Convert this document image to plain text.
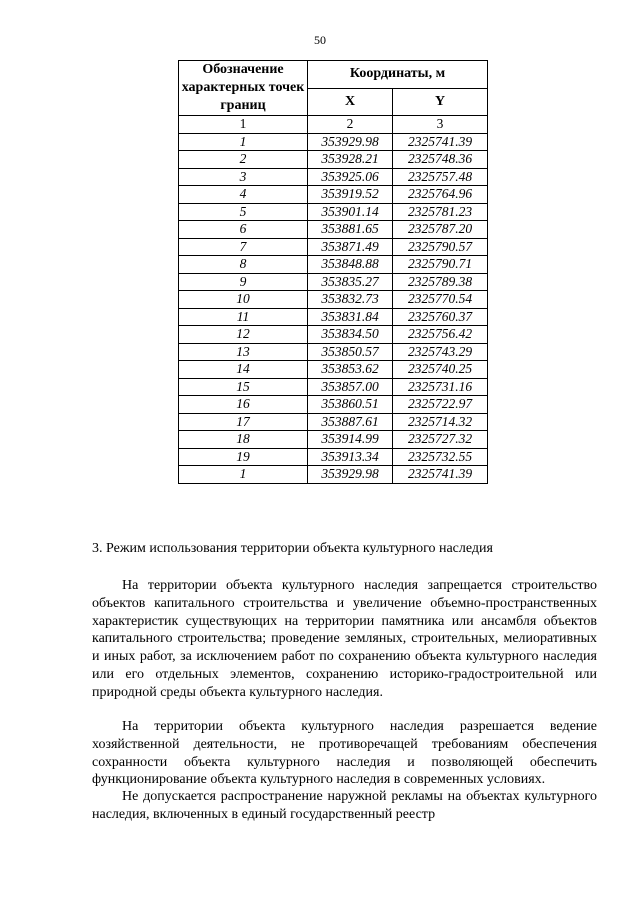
50
Обозначение характерных точек границ	Координаты, м	
	X	Y
1	2	3
1	353929.98	2325741.39
2	353928.21	2325748.36
3	353925.06	2325757.48
4	353919.52	2325764.96
5	353901.14	2325781.23
6	353881.65	2325787.20
7	353871.49	2325790.57
8	353848.88	2325790.71
9	353835.27	2325789.38
10	353832.73	2325770.54
11	353831.84	2325760.37
12	353834.50	2325756.42
13	353850.57	2325743.29
14	353853.62	2325740.25
15	353857.00	2325731.16
16	353860.51	2325722.97
17	353887.61	2325714.32
18	353914.99	2325727.32
19	353913.34	2325732.55
1	353929.98	2325741.39
3. Режим использования территории объекта культурного наследия
На территории объекта культурного наследия запрещается строительство объектов капитального строительства и увеличение объемно-пространственных характеристик существующих на территории памятника или ансамбля объектов капитального строительства; проведение земляных, строительных, мелиоративных и иных работ, за исключением работ по сохранению объекта культурного наследия или его отдельных элементов, сохранению историко-градостроительной или природной среды объекта культурного наследия.
На территории объекта культурного наследия разрешается ведение хозяйственной деятельности, не противоречащей требованиям обеспечения сохранности объекта культурного наследия и позволяющей обеспечить функционирование объекта культурного наследия в современных условиях.
Не допускается распространение наружной рекламы на объектах культурного наследия, включенных в единый государственный реестр
